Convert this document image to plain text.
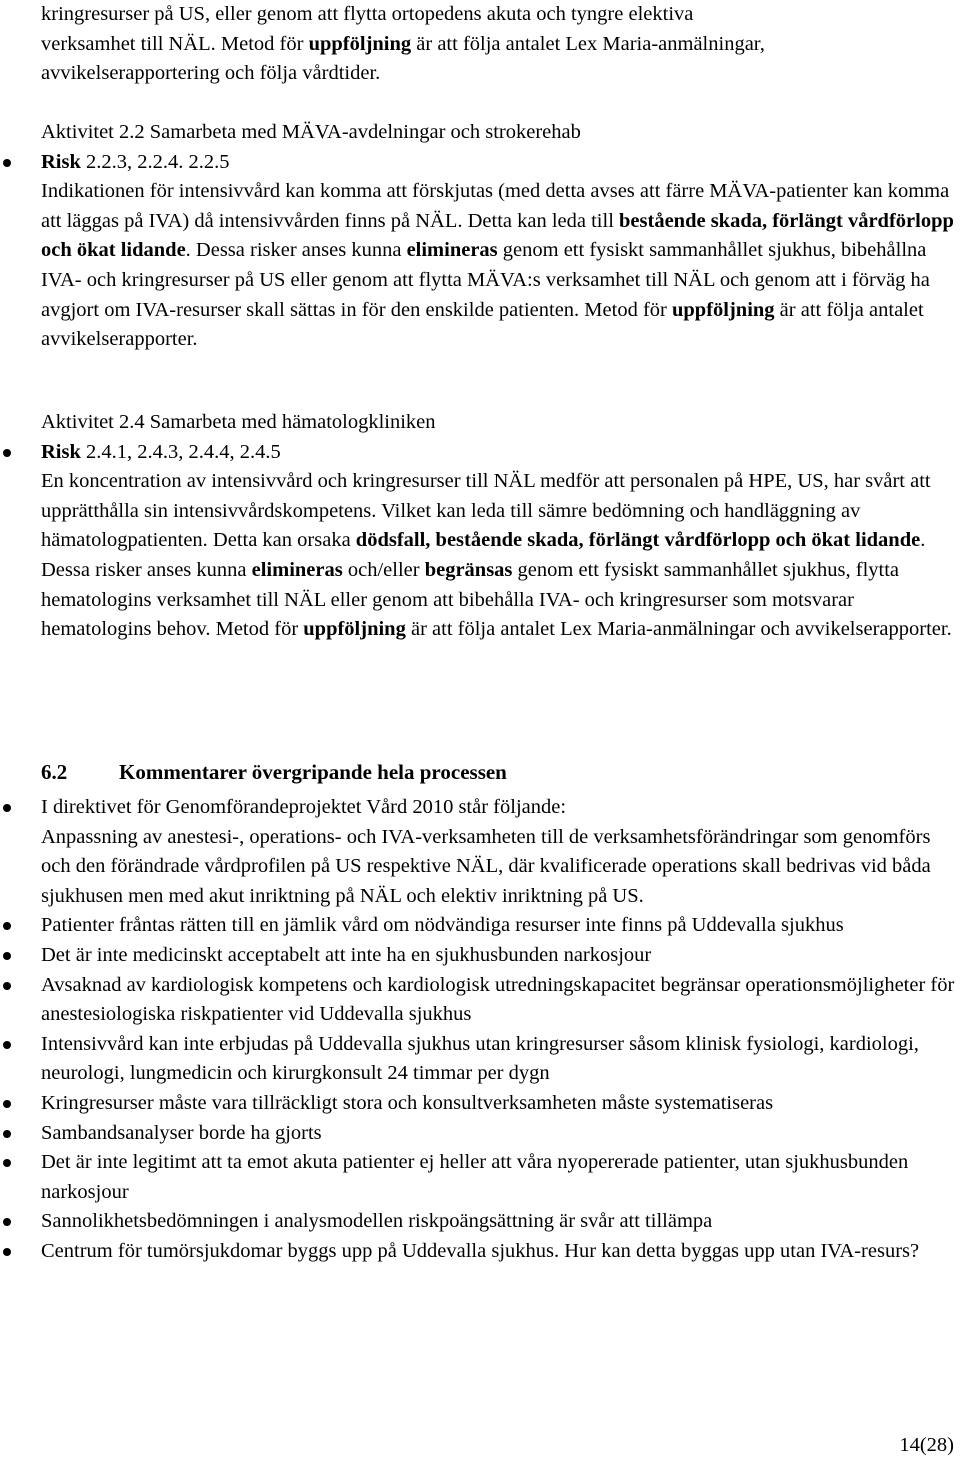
kringresurser på US, eller genom att flytta ortopedens akuta och tyngre elektiva
verksamhet till NÄL. Metod för uppföljning är att följa antalet Lex Maria-anmälningar,
avvikelserapportering och följa vårdtider.

Aktivitet 2.2 Samarbeta med MÄVA-avdelningar och strokerehab

Risk 2.2.3, 2.2.4. 2.2.5

Indikationen för intensivvård kan komma att förskjutas (med detta avses att färre MÄVA-patienter kan komma att läggas på IVA) då intensivvården finns på NÄL. Detta kan leda till bestående skada, förlängt vårdförlopp och ökat lidande. Dessa risker anses kunna elimineras genom ett fysiskt sammanhållet sjukhus, bibehållna IVA- och kringresurser på US eller genom att flytta MÄVA:s verksamhet till NÄL och genom att i förväg ha avgjort om IVA-resurser skall sättas in för den enskilde patienten. Metod för uppföljning är att följa antalet avvikelserapporter.

Aktivitet 2.4 Samarbeta med hämatologkliniken

Risk 2.4.1, 2.4.3, 2.4.4, 2.4.5

En koncentration av intensivvård och kringresurser till NÄL medför att personalen på HPE, US, har svårt att upprätthålla sin intensivvårdskompetens. Vilket kan leda till sämre bedömning och handläggning av hämatologpatienten. Detta kan orsaka dödsfall, bestående skada, förlängt vårdförlopp och ökat lidande. Dessa risker anses kunna elimineras och/eller begränsas genom ett fysiskt sammanhållet sjukhus, flytta hematologins verksamhet till NÄL eller genom att bibehålla IVA- och kringresurser som motsvarar hematologins behov. Metod för uppföljning är att följa antalet Lex Maria-anmälningar och avvikelserapporter.

6.2 Kommentarer övergripande hela processen

I direktivet för Genomförandeprojektet Vård 2010 står följande:

Anpassning av anestesi-, operations- och IVA-verksamheten till de verksamhetsförändringar som genomförs och den förändrade vårdprofilen på US respektive NÄL, där kvalificerade operations skall bedrivas vid båda sjukhusen men med akut inriktning på NÄL och elektiv inriktning på US.

Patienter fråntas rätten till en jämlik vård om nödvändiga resurser inte finns på Uddevalla sjukhus

Det är inte medicinskt acceptabelt att inte ha en sjukhusbunden narkosjour

Avsaknad av kardiologisk kompetens och kardiologisk utredningskapacitet begränsar operationsmöjligheter för anestesiologiska riskpatienter vid Uddevalla sjukhus

Intensivvård kan inte erbjudas på Uddevalla sjukhus utan kringresurser såsom klinisk fysiologi, kardiologi, neurologi, lungmedicin och kirurgkonsult 24 timmar per dygn

Kringresurser måste vara tillräckligt stora och konsultverksamheten måste systematiseras

Sambandsanalyser borde ha gjorts

Det är inte legitimt att ta emot akuta patienter ej heller att våra nyopererade patienter, utan sjukhusbunden narkosjour

Sannolikhetsbedömningen i analysmodellen riskpoängsättning är svår att tillämpa

Centrum för tumörsjukdomar byggs upp på Uddevalla sjukhus. Hur kan detta byggas upp utan IVA-resurs?

14(28)
